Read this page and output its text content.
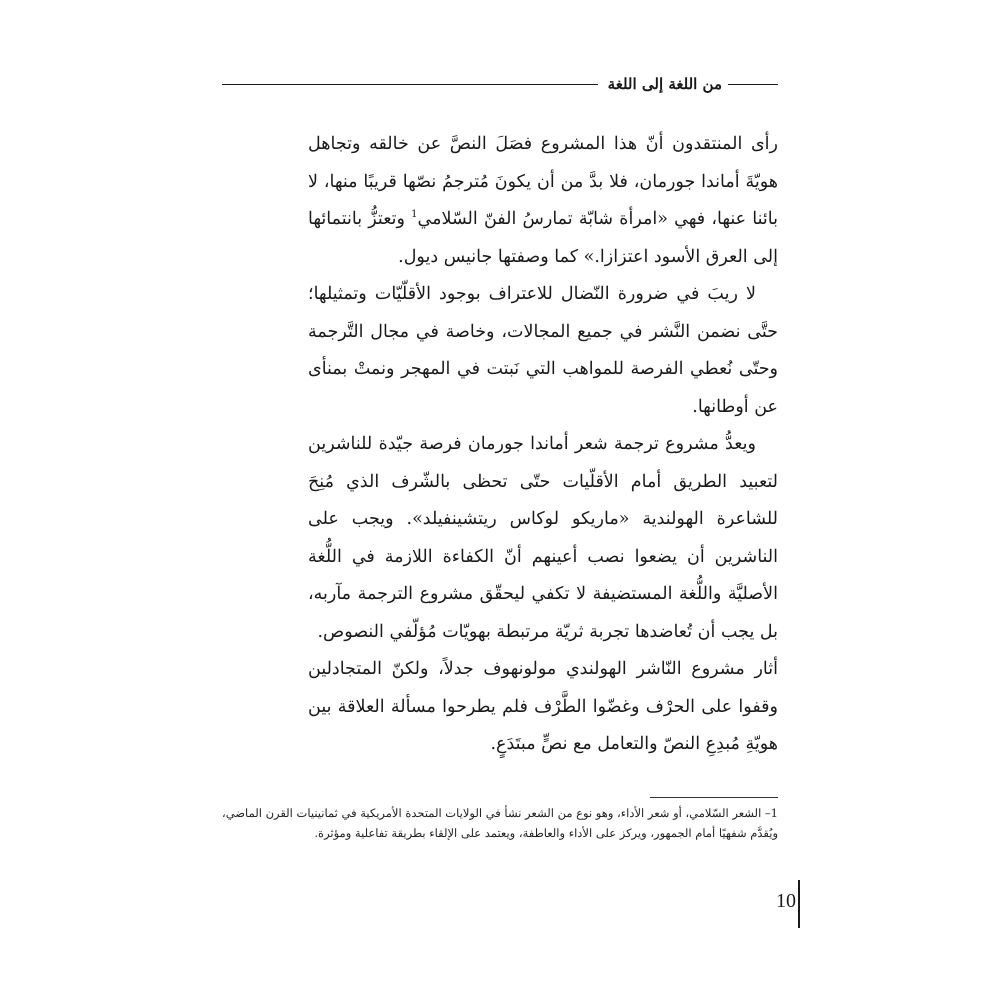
من اللغة إلى اللغة

رأى المنتقدون أنّ هذا المشروع فصَلَ النصَّ عن خالقه وتجاهل هويّةَ أماندا جورمان، فلا بدَّ من أن يكونَ مُترجمُ نصّها قريبًا منها، لا بائنا عنها، فهي «امرأة شابّة تمارسُ الفنّ السّلامي$^1$ وتعتزُّ بانتمائها إلى العرق الأسود اعتزازا.» كما وصفتها جانيس ديول.

لا ريبَ في ضرورة النّضال للاعتراف بوجود الأقلّيّات وتمثيلها؛ حتَّى نضمن النَّشر في جميع المجالات، وخاصة في مجال التَّرجمة وحتّى نُعطي الفرصة للمواهب التي نَبتت في المهجر ونمتْ بمنأى عن أوطانها.

ويعدُّ مشروع ترجمة شعر أماندا جورمان فرصة جيّدة للناشرين لتعبيد الطريق أمام الأقلّيات حتّى تحظى بالشّرف الذي مُنِحَ للشاعرة الهولندية «ماريكو لوكاس ريتشينفيلد». ويجب على الناشرين أن يضعوا نصب أعينهم أنّ الكفاءة اللازمة في اللُّغة الأصليَّة واللُّغة المستضيفة لا تكفي ليحقّق مشروع الترجمة مآربه، بل يجب أن تُعاضدها تجربة ثريّة مرتبطة بهويّات مُؤلّفي النصوص.

أثار مشروع النّاشر الهولندي مولونهوف جدلاً، ولكنّ المتجادلين وقفوا على الحرْف وغضّوا الطَّرْف فلم يطرحوا مسألة العلاقة بين هويّةِ مُبدِعِ النصّ والتعامل مع نصٍّ مبتَدَعٍ.

1– الشعر السّلامي، أو شعر الأداء، وهو نوع من الشعر نشأ في الولايات المتحدة الأمريكية في ثمانينيات القرن الماضي، ويُقدَّم شفهيًا أمام الجمهور، ويركز على الأداء والعاطفة، ويعتمد على الإلقاء بطريقة تفاعلية ومؤثرة.
10
